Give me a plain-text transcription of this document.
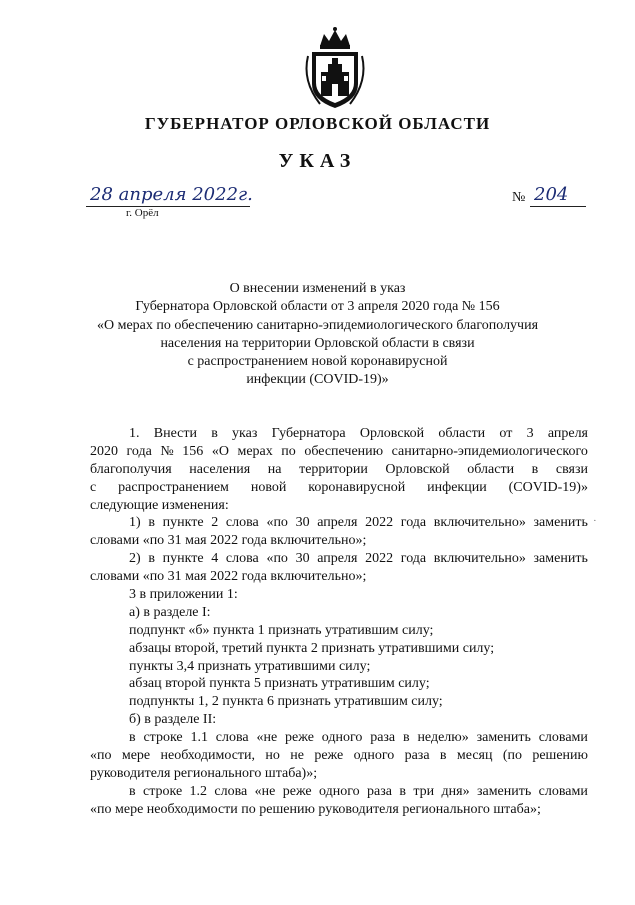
ГУБЕРНАТОР ОРЛОВСКОЙ ОБЛАСТИ
УКАЗ
28 апреля 2022г.
г. Орёл
№ 204
О внесении изменений в указ
Губернатора Орловской области от 3 апреля 2020 года № 156
«О мерах по обеспечению санитарно-эпидемиологического благополучия
населения на территории Орловской области в связи
с распространением новой коронавирусной
инфекции (COVID-19)»
1. Внести в указ Губернатора Орловской области от 3 апреля
2020 года № 156 «О мерах по обеспечению санитарно-эпидемиологического
благополучия населения на территории Орловской области в связи
с распространением новой коронавирусной инфекции (COVID-19)»
следующие изменения:
1) в пункте 2 слова «по 30 апреля 2022 года включительно» заменить
словами «по 31 мая 2022 года включительно»;
2) в пункте 4 слова «по 30 апреля 2022 года включительно» заменить
словами «по 31 мая 2022 года включительно»;
3 в приложении 1:
а) в разделе I:
подпункт «б» пункта 1 признать утратившим силу;
абзацы второй, третий пункта 2 признать утратившими силу;
пункты 3,4 признать утратившими силу;
абзац второй пункта 5 признать утратившим силу;
подпункты 1, 2 пункта 6 признать утратившим силу;
б) в разделе II:
в строке 1.1 слова «не реже одного раза в неделю» заменить словами
«по мере необходимости, но не реже одного раза в месяц (по решению
руководителя регионального штаба)»;
в строке 1.2 слова «не реже одного раза в три дня» заменить словами
«по мере необходимости по решению руководителя регионального штаба»;
·
